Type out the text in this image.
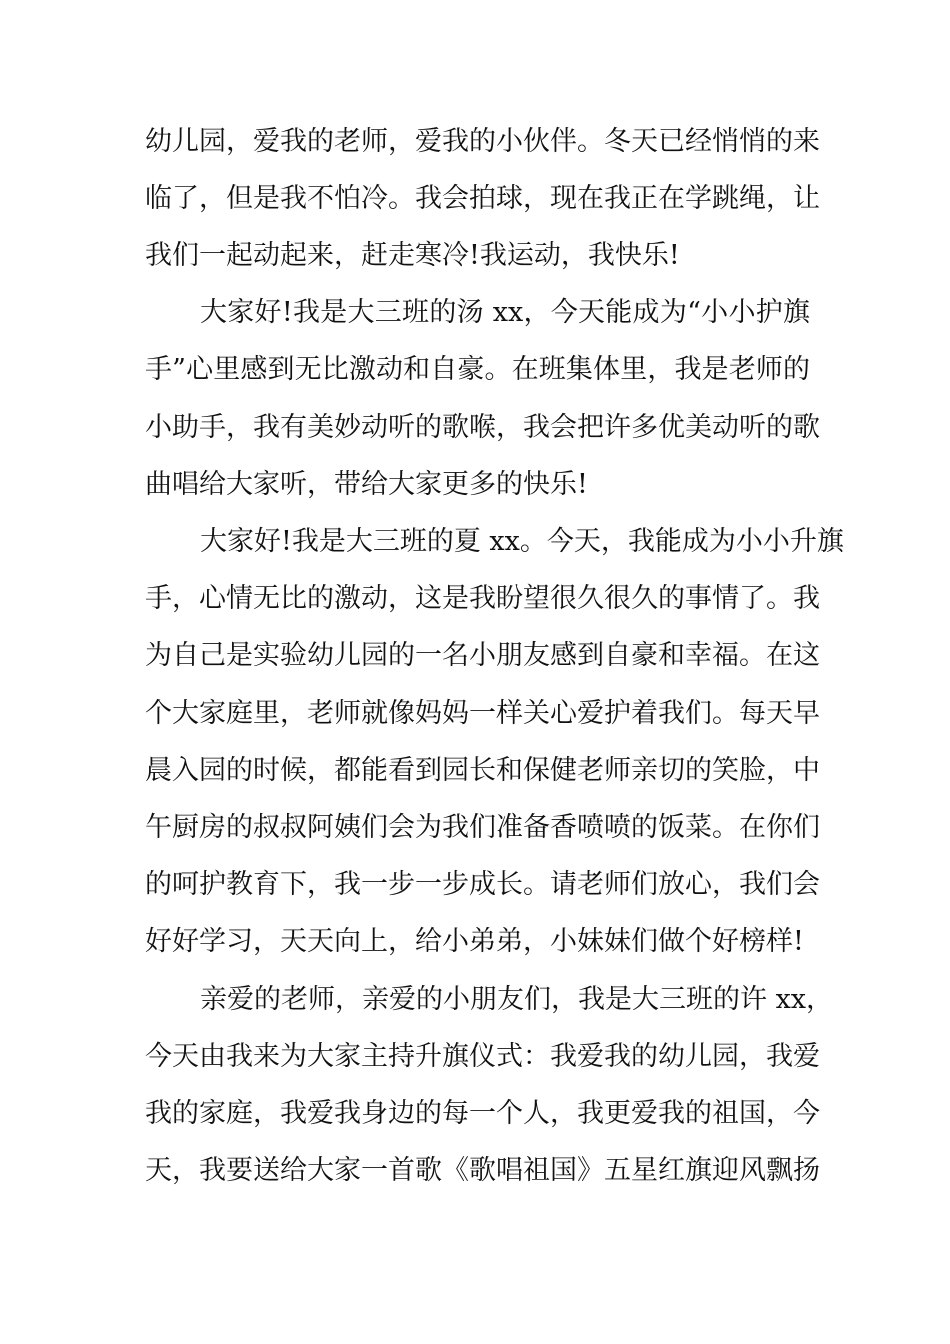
幼儿园，爱我的老师，爱我的小伙伴。冬天已经悄悄的来

临了，但是我不怕冷。我会拍球，现在我正在学跳绳，让

我们一起动起来，赶走寒冷!我运动，我快乐!

大家好!我是大三班的汤 xx，今天能成为“小小护旗

手”心里感到无比激动和自豪。在班集体里，我是老师的

小助手，我有美妙动听的歌喉，我会把许多优美动听的歌

曲唱给大家听，带给大家更多的快乐!

大家好!我是大三班的夏 xx。今天，我能成为小小升旗

手，心情无比的激动，这是我盼望很久很久的事情了。我

为自己是实验幼儿园的一名小朋友感到自豪和幸福。在这

个大家庭里，老师就像妈妈一样关心爱护着我们。每天早

晨入园的时候，都能看到园长和保健老师亲切的笑脸，中

午厨房的叔叔阿姨们会为我们准备香喷喷的饭菜。在你们

的呵护教育下，我一步一步成长。请老师们放心，我们会

好好学习，天天向上，给小弟弟，小妹妹们做个好榜样!

亲爱的老师，亲爱的小朋友们，我是大三班的许 xx，

今天由我来为大家主持升旗仪式：我爱我的幼儿园，我爱

我的家庭，我爱我身边的每一个人，我更爱我的祖国，今

天，我要送给大家一首歌《歌唱祖国》五星红旗迎风飘扬
